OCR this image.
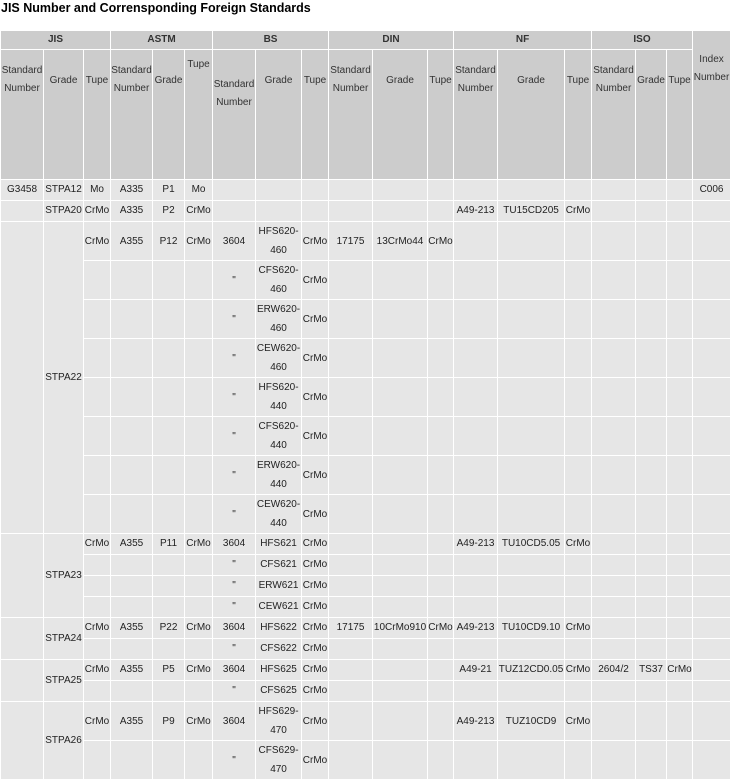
JIS Number and Corrensponding Foreign Standards
JIS			ASTM			BS			DIN			NF			ISO			Index Number
Standard Number	Grade	Tupe	Standard Number	Grade	Tupe	Standard Number	Grade	Tupe	Standard Number	Grade	Tupe	Standard Number	Grade	Tupe	Standard Number	Grade	Tupe	
G3458	STPA12	Mo	A335	P1	Mo													C006
	STPA20	CrMo	A335	P2	CrMo							A49-213	TU15CD205	CrMo				
	STPA22	CrMo	A355	P12	CrMo	3604	HFS620-460	CrMo	17175	13CrMo44	CrMo							
						"	CFS620-460	CrMo										
						"	ERW620-460	CrMo										
						"	CEW620-460	CrMo										
						"	HFS620-440	CrMo										
						"	CFS620-440	CrMo										
						"	ERW620-440	CrMo										
						"	CEW620-440	CrMo										
	STPA23	CrMo	A355	P11	CrMo	3604	HFS621	CrMo				A49-213	TU10CD5.05	CrMo				
						"	CFS621	CrMo										
						"	ERW621	CrMo										
						"	CEW621	CrMo										
	STPA24	CrMo	A355	P22	CrMo	3604	HFS622	CrMo	17175	10CrMo910	CrMo	A49-213	TU10CD9.10	CrMo				
						"	CFS622	CrMo										
	STPA25	CrMo	A355	P5	CrMo	3604	HFS625	CrMo				A49-21	TUZ12CD0.05	CrMo	2604/2	TS37	CrMo	
						"	CFS625	CrMo										
	STPA26	CrMo	A355	P9	CrMo	3604	HFS629-470	CrMo				A49-213	TUZ10CD9	CrMo				
						"	CFS629-470	CrMo										
